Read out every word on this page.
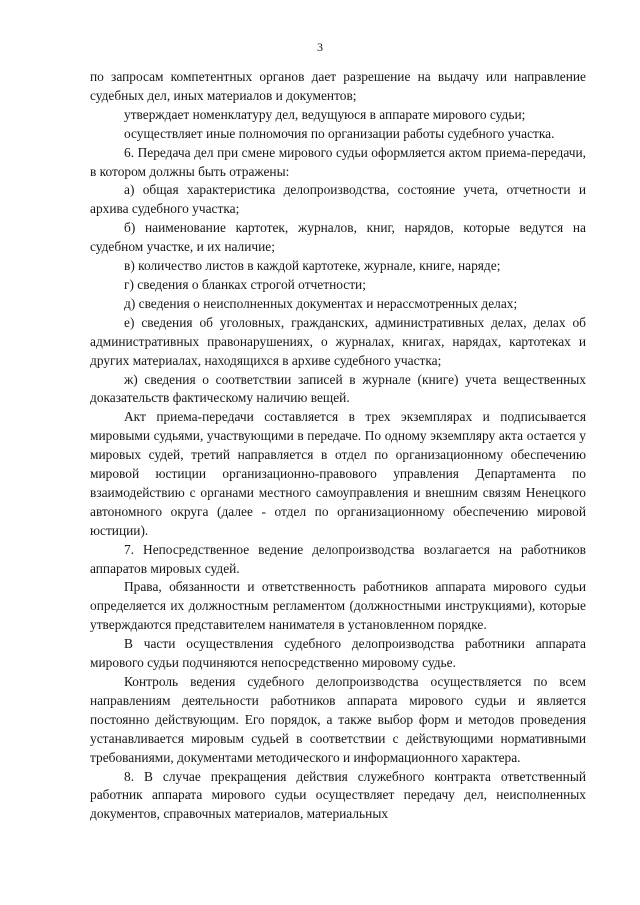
3

по запросам компетентных органов дает разрешение на выдачу или направление судебных дел, иных материалов и документов;

утверждает номенклатуру дел, ведущуюся в аппарате мирового судьи;

осуществляет иные полномочия по организации работы судебного участка.

6. Передача дел при смене мирового судьи оформляется актом приема-передачи, в котором должны быть отражены:

а) общая характеристика делопроизводства, состояние учета, отчетности и архива судебного участка;

б) наименование картотек, журналов, книг, нарядов, которые ведутся на судебном участке, и их наличие;

в) количество листов в каждой картотеке, журнале, книге, наряде;

г) сведения о бланках строгой отчетности;

д) сведения о неисполненных документах и нерассмотренных делах;

е) сведения об уголовных, гражданских, административных делах, делах об административных правонарушениях, о журналах, книгах, нарядах, картотеках и других материалах, находящихся в архиве судебного участка;

ж) сведения о соответствии записей в журнале (книге) учета вещественных доказательств фактическому наличию вещей.

Акт приема-передачи составляется в трех экземплярах и подписывается мировыми судьями, участвующими в передаче. По одному экземпляру акта остается у мировых судей, третий направляется в отдел по организационному обеспечению мировой юстиции организационно-правового управления Департамента по взаимодействию с органами местного самоуправления и внешним связям Ненецкого автономного округа (далее - отдел по организационному обеспечению мировой юстиции).

7. Непосредственное ведение делопроизводства возлагается на работников аппаратов мировых судей.

Права, обязанности и ответственность работников аппарата мирового судьи определяется их должностным регламентом (должностными инструкциями), которые утверждаются представителем нанимателя в установленном порядке.

В части осуществления судебного делопроизводства работники аппарата мирового судьи подчиняются непосредственно мировому судье.

Контроль ведения судебного делопроизводства осуществляется по всем направлениям деятельности работников аппарата мирового судьи и является постоянно действующим. Его порядок, а также выбор форм и методов проведения устанавливается мировым судьей в соответствии с действующими нормативными требованиями, документами методического и информационного характера.

8. В случае прекращения действия служебного контракта ответственный работник аппарата мирового судьи осуществляет передачу дел, неисполненных документов, справочных материалов, материальных
